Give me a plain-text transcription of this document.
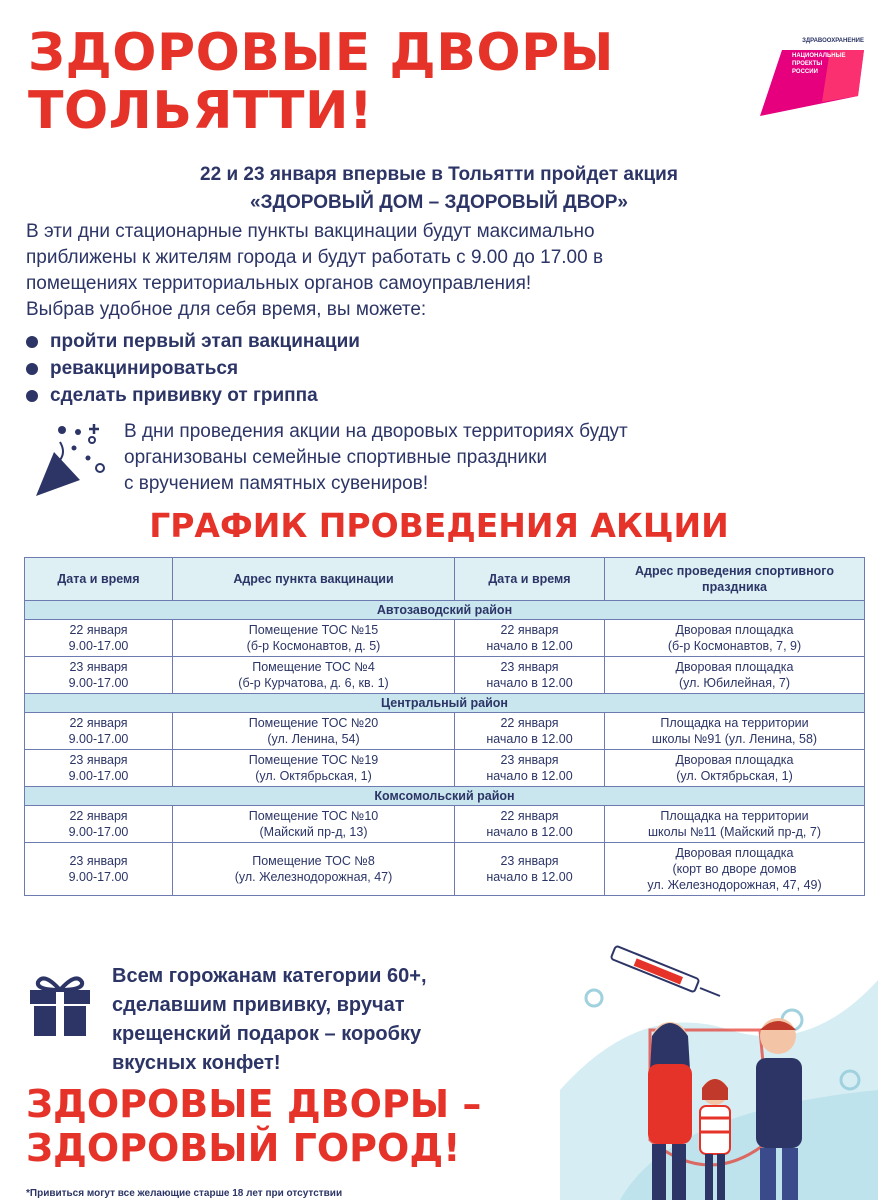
ЗДОРОВЫЕ ДВОРЫ
ТОЛЬЯТТИ!
ЗДРАВООХРАНЕНИЕ
НАЦИОНАЛЬНЫЕ ПРОЕКТЫ РОССИИ
22 и 23 января впервые в Тольятти пройдет акция
«ЗДОРОВЫЙ ДОМ – ЗДОРОВЫЙ ДВОР»
В эти дни стационарные пункты вакцинации будут максимально
приближены к жителям города и будут работать с 9.00 до 17.00 в
помещениях территориальных органов самоуправления!
Выбрав удобное для себя время, вы можете:
пройти первый этап вакцинации
ревакцинироваться
сделать прививку от гриппа
В дни проведения акции на дворовых территориях будут
организованы семейные спортивные праздники
с вручением памятных сувениров!
ГРАФИК ПРОВЕДЕНИЯ АКЦИИ
Дата и время	Адрес пункта вакцинации	Дата и время	Адрес проведения спортивного праздника
Автозаводский район			

22 января
9.00-17.00	Помещение ТОС №15
(б-р Космонавтов, д. 5)	22 января
начало в 12.00	Дворовая площадка
(б-р Космонавтов, 7, 9)

23 января
9.00-17.00	Помещение ТОС №4
(б-р Курчатова, д. 6, кв. 1)	23 января
начало в 12.00	Дворовая площадка
(ул. Юбилейная, 7)

Центральный район			

22 января
9.00-17.00	Помещение ТОС №20
(ул. Ленина, 54)	22 января
начало в 12.00	Площадка на территории
школы №91 (ул. Ленина, 58)

23 января
9.00-17.00	Помещение ТОС №19
(ул. Октябрьская, 1)	23 января
начало в 12.00	Дворовая площадка
(ул. Октябрьская, 1)

Комсомольский район			

22 января
9.00-17.00	Помещение ТОС №10
(Майский пр-д, 13)	22 января
начало в 12.00	Площадка на территории
школы №11 (Майский пр-д, 7)

23 января
9.00-17.00	Помещение ТОС №8
(ул. Железнодорожная, 47)	23 января
начало в 12.00	Дворовая площадка
(корт во дворе домов
ул. Железнодорожная, 47, 49)
Всем горожанам категории 60+,
сделавшим прививку, вручат
крещенский подарок – коробку
вкусных конфет!
ЗДОРОВЫЕ ДВОРЫ –
ЗДОРОВЫЙ ГОРОД!
*Привиться могут все желающие старше 18 лет при отсутствии
